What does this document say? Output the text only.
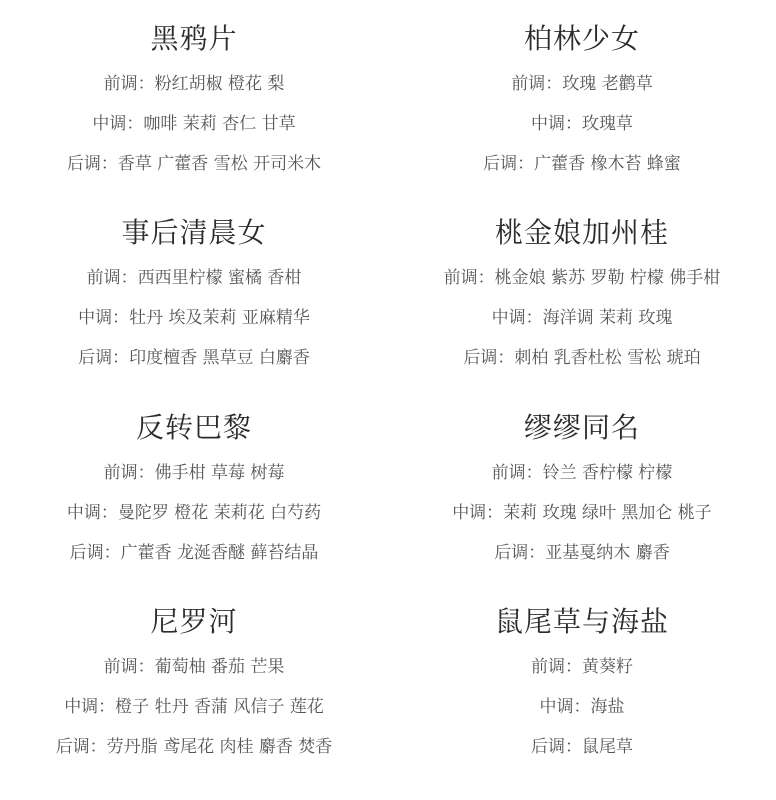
黑鸦片
前调：粉红胡椒 橙花 梨
中调：咖啡 茉莉 杏仁 甘草
后调：香草 广藿香 雪松 开司米木
柏林少女
前调：玫瑰 老鹳草
中调：玫瑰草
后调：广藿香 橡木苔 蜂蜜
事后清晨女
前调：西西里柠檬 蜜橘 香柑
中调：牡丹 埃及茉莉 亚麻精华
后调：印度檀香 黑草豆 白麝香
桃金娘加州桂
前调：桃金娘 紫苏 罗勒 柠檬 佛手柑
中调：海洋调 茉莉 玫瑰
后调：刺柏 乳香杜松 雪松 琥珀
反转巴黎
前调：佛手柑 草莓 树莓
中调：曼陀罗 橙花 茉莉花 白芍药
后调：广藿香 龙涎香醚 藓苔结晶
缪缪同名
前调：铃兰 香柠檬 柠檬
中调：茉莉 玫瑰 绿叶 黑加仑 桃子
后调：亚基戛纳木 麝香
尼罗河
前调：葡萄柚 番茄 芒果
中调：橙子 牡丹 香蒲 风信子 莲花
后调：劳丹脂 鸢尾花 肉桂 麝香 焚香
鼠尾草与海盐
前调：黄葵籽
中调：海盐
后调：鼠尾草
